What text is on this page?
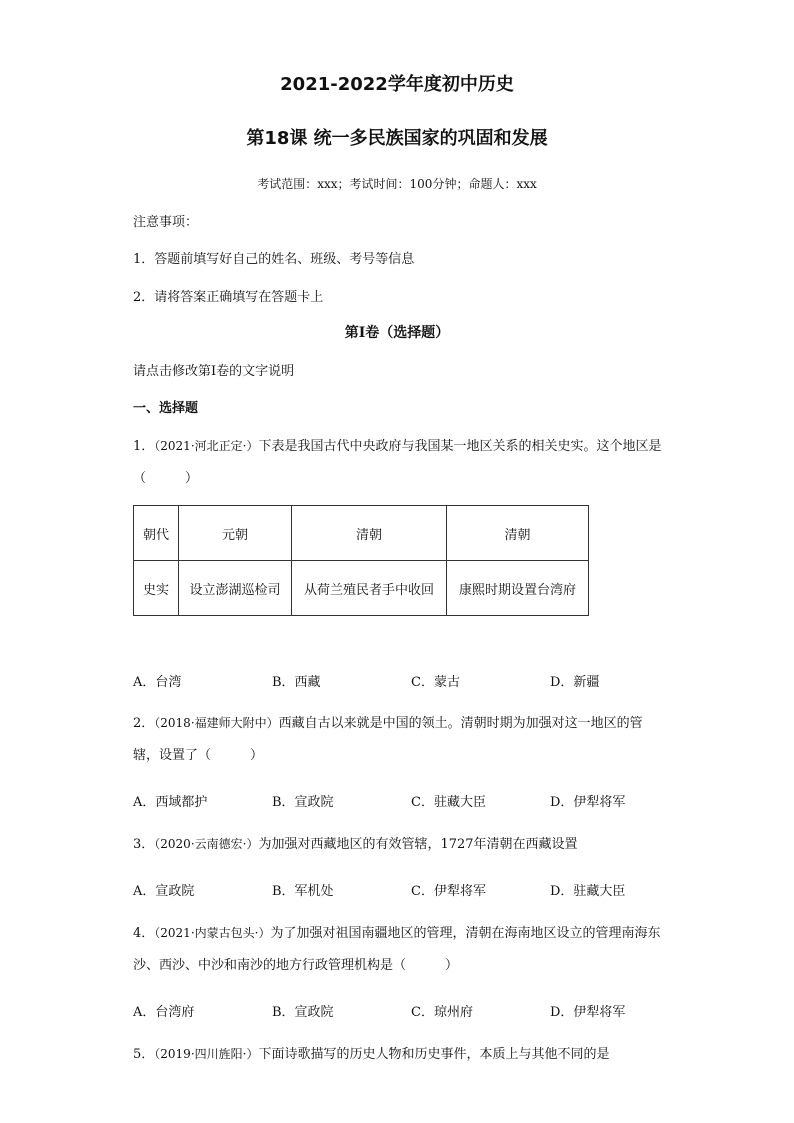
2021-2022学年度初中历史
第18课 统一多民族国家的巩固和发展
考试范围：xxx；考试时间：100分钟；命题人：xxx
注意事项：
1．答题前填写好自己的姓名、班级、考号等信息
2．请将答案正确填写在答题卡上
第I卷（选择题）
请点击修改第I卷的文字说明
一、选择题
1．（2021·河北正定·）下表是我国古代中央政府与我国某一地区关系的相关史实。这个地区是（　　　）
朝代	元朝	清朝	清朝
史实	设立澎湖巡检司	从荷兰殖民者手中收回	康熙时期设置台湾府
A．台湾	B．西藏	C．蒙古	D．新疆
2．（2018·福建师大附中）西藏自古以来就是中国的领土。清朝时期为加强对这一地区的管辖，设置了（　　　）
A．西域都护	B．宣政院	C．驻藏大臣	D．伊犁将军
3．（2020·云南德宏·）为加强对西藏地区的有效管辖，1727年清朝在西藏设置
A．宣政院	B．军机处	C．伊犁将军	D．驻藏大臣
4．（2021·内蒙古包头·）为了加强对祖国南疆地区的管理，清朝在海南地区设立的管理南海东沙、西沙、中沙和南沙的地方行政管理机构是（　　　）
A．台湾府	B．宣政院	C．琼州府	D．伊犁将军
5．（2019·四川旌阳·）下面诗歌描写的历史人物和历史事件，本质上与其他不同的是
